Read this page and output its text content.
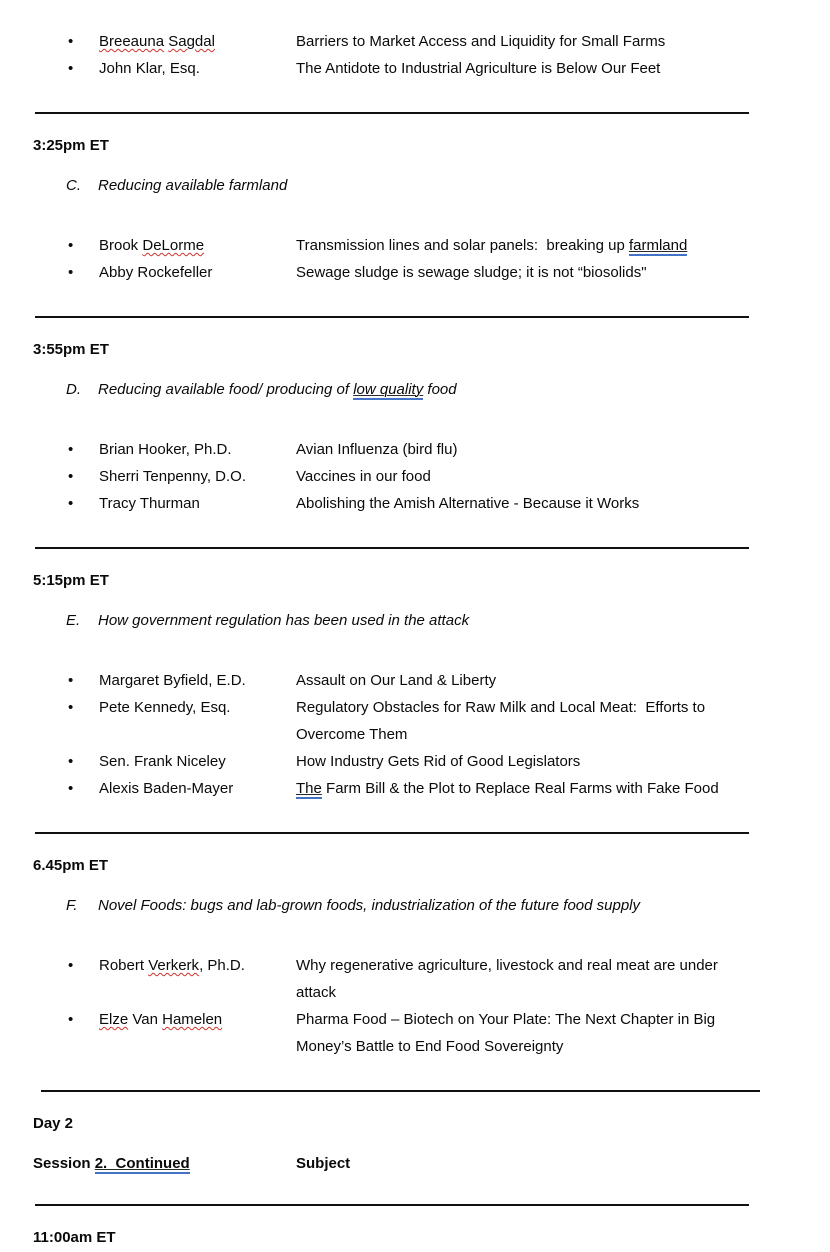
•	Breeauna Sagdal	Barriers to Market Access and Liquidity for Small Farms
•	John Klar, Esq.	The Antidote to Industrial Agriculture is Below Our Feet
3:25pm ET
C.	Reducing available farmland
•	Brook DeLorme	Transmission lines and solar panels:  breaking up farmland
•	Abby Rockefeller	Sewage sludge is sewage sludge; it is not “biosolids"
3:55pm ET
D.	Reducing available food/ producing of low quality food
•	Brian Hooker, Ph.D.	Avian Influenza (bird flu)
•	Sherri Tenpenny, D.O.	Vaccines in our food
•	Tracy Thurman	Abolishing the Amish Alternative - Because it Works
5:15pm ET
E.	How government regulation has been used in the attack
•	Margaret Byfield, E.D.	Assault on Our Land & Liberty
•	Pete Kennedy, Esq.	Regulatory Obstacles for Raw Milk and Local Meat:  Efforts to
Overcome Them
•	Sen. Frank Niceley	How Industry Gets Rid of Good Legislators
•	Alexis Baden-Mayer	The Farm Bill & the Plot to Replace Real Farms with Fake Food
6.45pm ET
F.	Novel Foods: bugs and lab-grown foods, industrialization of the future food supply
•	Robert Verkerk, Ph.D.	Why regenerative agriculture, livestock and real meat are under
attack
•	Elze Van Hamelen	Pharma Food – Biotech on Your Plate: The Next Chapter in Big
Money’s Battle to End Food Sovereignty
Day 2
Session 2.  Continued	Subject
11:00am ET
